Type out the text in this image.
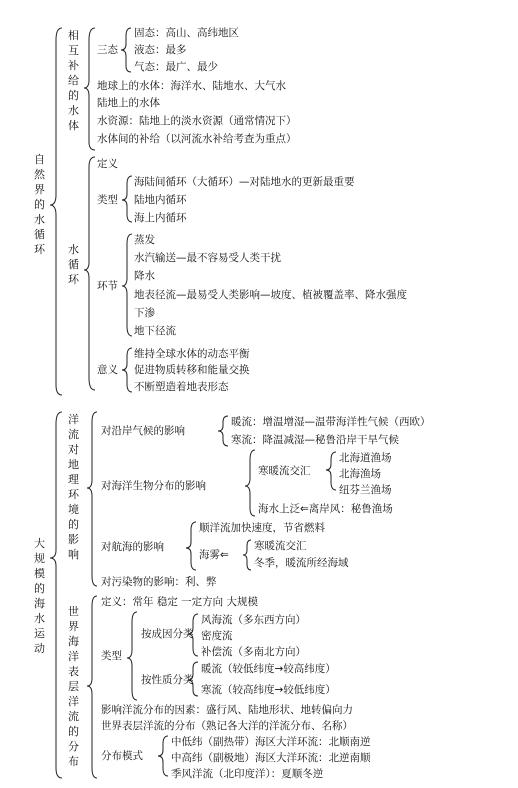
自然界的水循环
相互补给的水体
三态
固态：高山、高纬地区
液态：最多
气态：最广、最少
地球上的水体：海洋水、陆地水、大气水
陆地上的水体
水资源：陆地上的淡水资源（通常情况下）
水体间的补给（以河流水补给考查为重点）
水循环
定义
类型
海陆间循环（大循环）—对陆地水的更新最重要
陆地内循环
海上内循环
环节
蒸发
水汽输送—最不容易受人类干扰
降水
地表径流—最易受人类影响—坡度、植被覆盖率、降水强度
下渗
地下径流
意义
维持全球水体的动态平衡
促进物质转移和能量交换
不断塑造着地表形态
大规模的海水运动
洋流对地理环境的影响
对沿岸气候的影响
暖流：增温增湿—温带海洋性气候（西欧）
寒流：降温减湿—秘鲁沿岸干旱气候
对海洋生物分布的影响
寒暖流交汇
北海道渔场
北海渔场
纽芬兰渔场
海水上泛⇐离岸风：秘鲁渔场
对航海的影响
顺洋流加快速度，节省燃料
海雾⇐
寒暖流交汇
冬季，暖流所经海域
对污染物的影响：利、弊
世界海洋表层洋流的分布
定义：常年 稳定 一定方向 大规模
类型
按成因分类
风海流（多东西方向）
密度流
补偿流（多南北方向）
按性质分类
暖流（较低纬度→较高纬度）
寒流（较高纬度→较低纬度）
影响洋流分布的因素：盛行风、陆地形状、地转偏向力
世界表层洋流的分布（熟记各大洋的洋流分布、名称）
分布模式
中低纬（副热带）海区大洋环流：北顺南逆
中高纬（副极地）海区大洋环流：北逆南顺
季风洋流（北印度洋）：夏顺冬逆
